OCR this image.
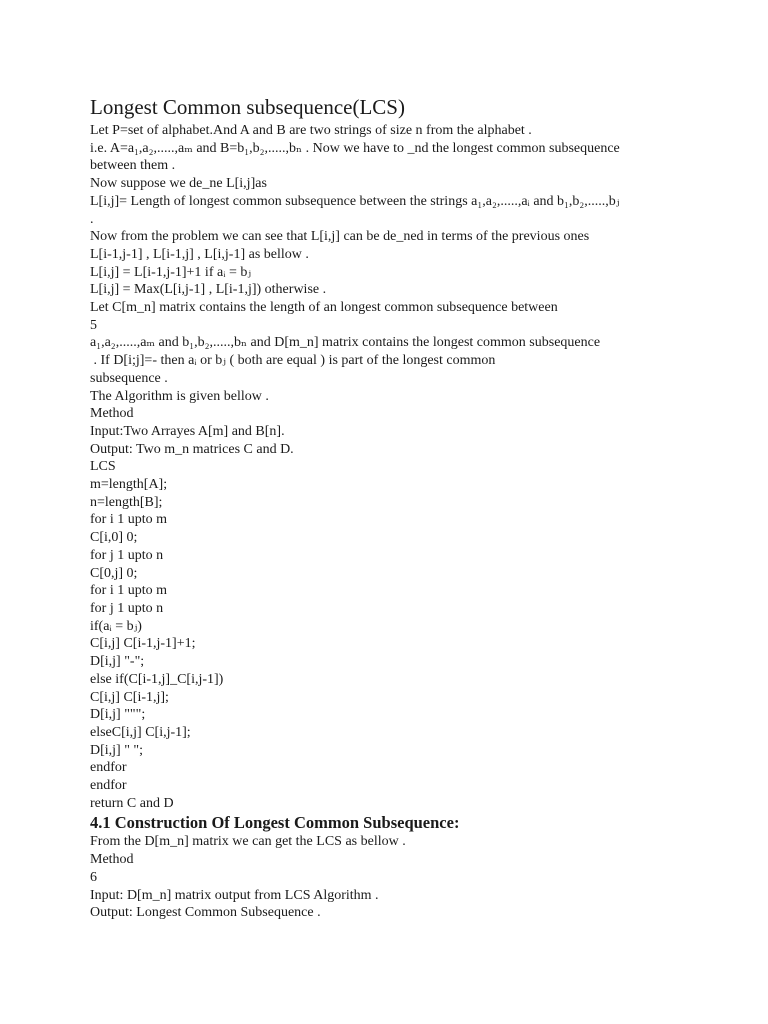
Longest Common subsequence(LCS)
Let P=set of alphabet.And A and B are two strings of size n from the alphabet .
i.e. A=a₁,a₂,.....,aₘ and B=b₁,b₂,.....,bₙ . Now we have to _nd the longest common subsequence
between them .
Now suppose we de_ne L[i,j]as
L[i,j]= Length of longest common subsequence between the strings a₁,a₂,.....,aᵢ and b₁,b₂,.....,bⱼ
.
Now from the problem we can see that L[i,j] can be de_ned in terms of the previous ones
L[i-1,j-1] , L[i-1,j] , L[i,j-1] as bellow .
L[i,j] = L[i-1,j-1]+1 if aᵢ = bⱼ
L[i,j] = Max(L[i,j-1] , L[i-1,j]) otherwise .
Let C[m_n] matrix contains the length of an longest common subsequence between
5
a₁,a₂,.....,aₘ and b₁,b₂,.....,bₙ and D[m_n] matrix contains the longest common subsequence
. If D[i;j]=- then aᵢ or bⱼ ( both are equal ) is part of the longest common
subsequence .
The Algorithm is given bellow .
Method
Input:Two Arrayes A[m] and B[n].
Output: Two m_n matrices C and D.
LCS
m=length[A];
n=length[B];
for i 1 upto m
C[i,0] 0;
for j 1 upto n
C[0,j] 0;
for i 1 upto m
for j 1 upto n
if(aᵢ = bⱼ)
C[i,j] C[i-1,j-1]+1;
D[i,j] "-";
else if(C[i-1,j]_C[i,j-1])
C[i,j] C[i-1,j];
D[i,j] """;
elseC[i,j] C[i,j-1];
D[i,j] " ";
endfor
endfor
return C and D
4.1 Construction Of Longest Common Subsequence:
From the D[m_n] matrix we can get the LCS as bellow .
Method
6
Input: D[m_n] matrix output from LCS Algorithm .
Output: Longest Common Subsequence .
